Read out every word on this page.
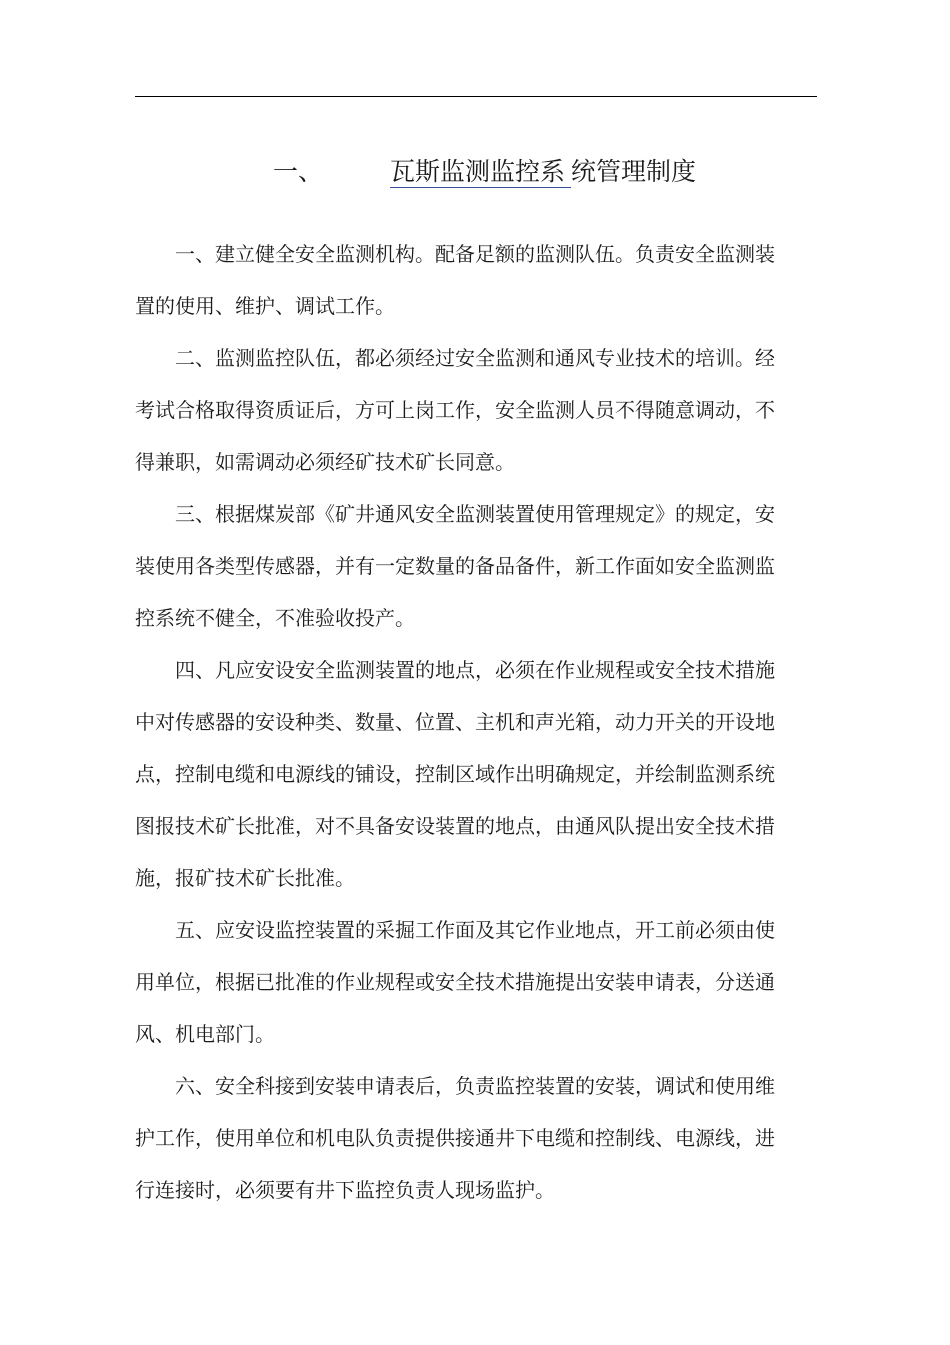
一、	瓦斯监测监控系 统管理制度

一、建立健全安全监测机构。配备足额的监测队伍。负责安全监测装置的使用、维护、调试工作。

二、监测监控队伍，都必须经过安全监测和通风专业技术的培训。经考试合格取得资质证后，方可上岗工作，安全监测人员不得随意调动，不得兼职，如需调动必须经矿技术矿长同意。

三、根据煤炭部《矿井通风安全监测装置使用管理规定》的规定，安装使用各类型传感器，并有一定数量的备品备件，新工作面如安全监测监控系统不健全，不准验收投产。

四、凡应安设安全监测装置的地点，必须在作业规程或安全技术措施中对传感器的安设种类、数量、位置、主机和声光箱，动力开关的开设地点，控制电缆和电源线的铺设，控制区域作出明确规定，并绘制监测系统图报技术矿长批准，对不具备安设装置的地点，由通风队提出安全技术措施，报矿技术矿长批准。

五、应安设监控装置的采掘工作面及其它作业地点，开工前必须由使用单位，根据已批准的作业规程或安全技术措施提出安装申请表，分送通风、机电部门。

六、安全科接到安装申请表后，负责监控装置的安装，调试和使用维护工作，使用单位和机电队负责提供接通井下电缆和控制线、电源线，进行连接时，必须要有井下监控负责人现场监护。
